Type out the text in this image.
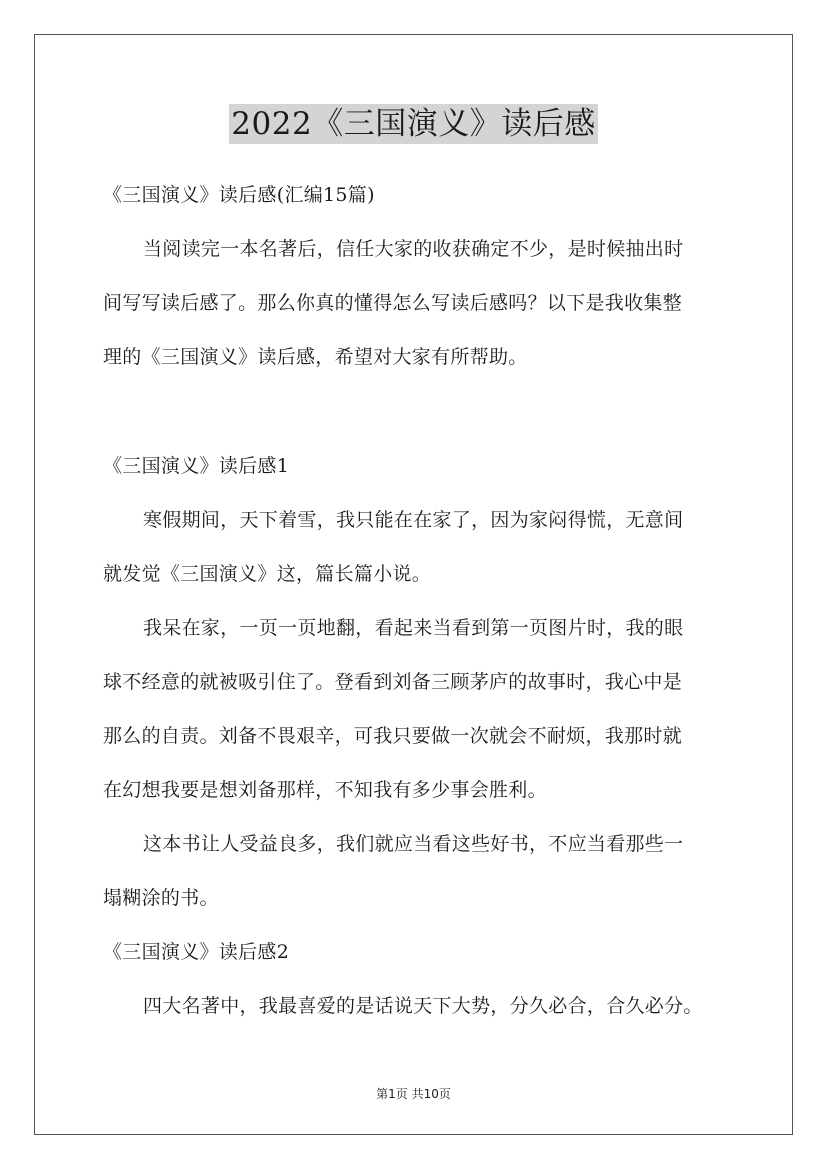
2022《三国演义》读后感
《三国演义》读后感(汇编15篇)
当阅读完一本名著后，信任大家的收获确定不少，是时候抽出时
间写写读后感了。那么你真的懂得怎么写读后感吗？以下是我收集整
理的《三国演义》读后感，希望对大家有所帮助。
《三国演义》读后感1
寒假期间，天下着雪，我只能在在家了，因为家闷得慌，无意间
就发觉《三国演义》这，篇长篇小说。
我呆在家，一页一页地翻，看起来当看到第一页图片时，我的眼
球不经意的就被吸引住了。登看到刘备三顾茅庐的故事时，我心中是
那么的自责。刘备不畏艰辛，可我只要做一次就会不耐烦，我那时就
在幻想我要是想刘备那样，不知我有多少事会胜利。
这本书让人受益良多，我们就应当看这些好书，不应当看那些一
塌糊涂的书。
《三国演义》读后感2
四大名著中，我最喜爱的是话说天下大势，分久必合，合久必分。
第1页 共10页
